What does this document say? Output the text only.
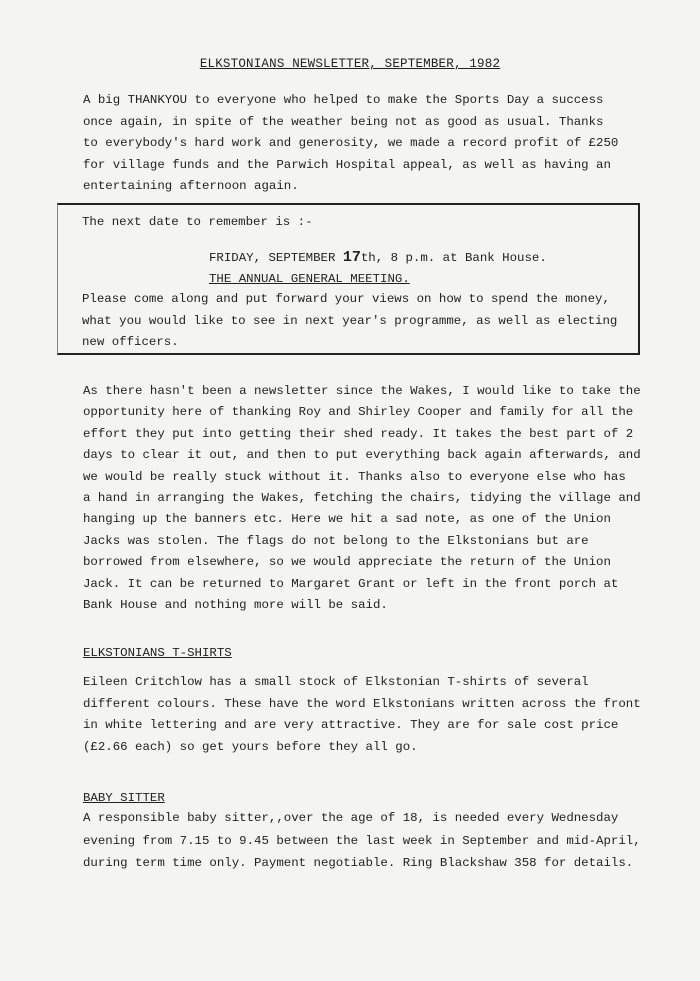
ELKSTONIANS NEWSLETTER, SEPTEMBER, 1982

A big THANKYOU to everyone who helped to make the Sports Day a success
once again, in spite of the weather being not as good as usual. Thanks
to everybody's hard work and generosity, we made a record profit of £250
for village funds and the Parwich Hospital appeal, as well as having an
entertaining afternoon again.

The next date to remember is :-
FRIDAY, SEPTEMBER 17th, 8 p.m. at Bank House.
THE ANNUAL GENERAL MEETING.
Please come along and put forward your views on how to spend the money,
what you would like to see in next year's programme, as well as electing
new officers.

As there hasn't been a newsletter since the Wakes, I would like to take the
opportunity here of thanking Roy and Shirley Cooper and family for all the
effort they put into getting their shed ready. It takes the best part of 2
days to clear it out, and then to put everything back again afterwards, and
we would be really stuck without it. Thanks also to everyone else who has
a hand in arranging the Wakes, fetching the chairs, tidying the village and
hanging up the banners etc. Here we hit a sad note, as one of the Union
Jacks was stolen. The flags do not belong to the Elkstonians but are
borrowed from elsewhere, so we would appreciate the return of the Union
Jack. It can be returned to Margaret Grant or left in the front porch at
Bank House and nothing more will be said.

ELKSTONIANS T-SHIRTS

Eileen Critchlow has a small stock of Elkstonian T-shirts of several
different colours. These have the word Elkstonians written across the front
in white lettering and are very attractive. They are for sale cost price
(£2.66 each) so get yours before they all go.

BABY SITTER

A responsible baby sitter,,over the age of 18, is needed every Wednesday
evening from 7.15 to 9.45 between the last week in September and mid-April,
during term time only. Payment negotiable. Ring Blackshaw 358 for details.
